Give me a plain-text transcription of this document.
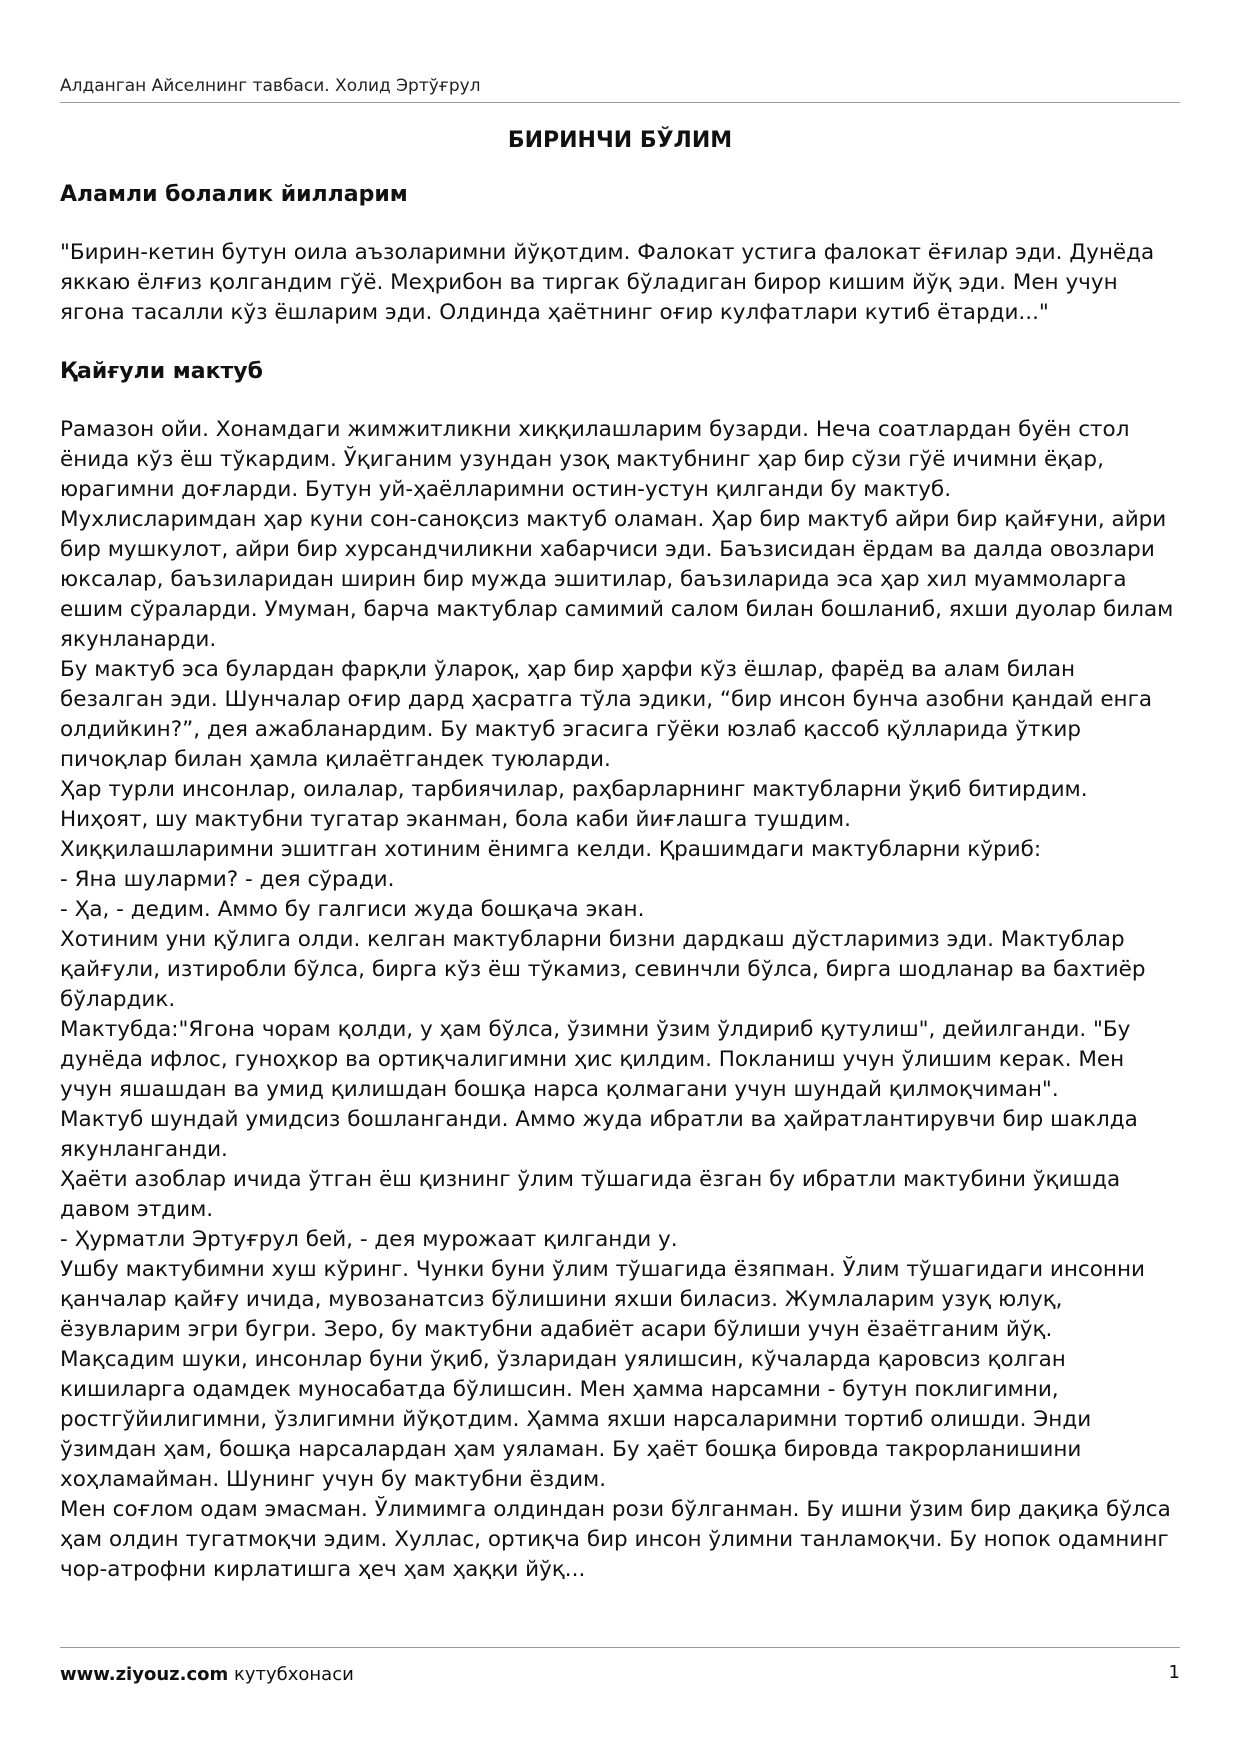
Алданган Айселнинг тавбаси. Холид Эртўғрул
БИРИНЧИ БЎЛИМ
Аламли болалик йилларим

"Бирин-кетин бутун оила аъзоларимни йўқотдим. Фалокат устига фалокат ёғилар эди. Дунёда яккаю ёлғиз қолгандим гўё. Меҳрибон ва тиргак бўладиган бирор кишим йўқ эди. Мен учун ягона тасалли кўз ёшларим эди. Олдинда ҳаётнинг оғир кулфатлари кутиб ётарди..."

Қайғули мактуб

Рамазон ойи. Хонамдаги жимжитликни хиққилашларим бузарди. Неча соатлардан буён стол ёнида кўз ёш тўкардим. Ўқиганим узундан узоқ мактубнинг ҳар бир сўзи гўё ичимни ёқар, юрагимни доғларди. Бутун уй-ҳаёлларимни остин-устун қилганди бу мактуб.

Мухлисларимдан ҳар куни сон-саноқсиз мактуб оламан. Ҳар бир мактуб айри бир қайғуни, айри бир мушкулот, айри бир хурсандчиликни хабарчиси эди. Баъзисидан ёрдам ва далда овозлари юксалар, баъзиларидан ширин бир мужда эшитилар, баъзиларида эса ҳар хил муаммоларга ешим сўраларди. Умуман, барча мактублар самимий салом билан бошланиб, яхши дуолар билам якунланарди.

Бу мактуб эса булардан фарқли ўлароқ, ҳар бир ҳарфи кўз ёшлар, фарёд ва алам билан безалган эди. Шунчалар оғир дард ҳасратга тўла эдики, “бир инсон бунча азобни қандай енга олдийкин?”, дея ажабланардим. Бу мактуб эгасига гўёки юзлаб қассоб қўлларида ўткир пичоқлар билан ҳамла қилаётгандек туюларди.

Ҳар турли инсонлар, оилалар, тарбиячилар, раҳбарларнинг мактубларни ўқиб битирдим.

Ниҳоят, шу мактубни тугатар эканман, бола каби йиғлашга тушдим.

Хиққилашларимни эшитган хотиним ёнимга келди. Қрашимдаги мактубларни кўриб:

- Яна шуларми? - дея сўради.

- Ҳа, - дедим. Аммо бу галгиси жуда бошқача экан.

Хотиним уни қўлига олди. келган мактубларни бизни дардкаш дўстларимиз эди. Мактублар қайғули, изтиробли бўлса, бирга кўз ёш тўкамиз, севинчли бўлса, бирга шодланар ва бахтиёр бўлардик.

Мактубда:"Ягона чорам қолди, у ҳам бўлса, ўзимни ўзим ўлдириб қутулиш", дейилганди. "Бу дунёда ифлос, гуноҳкор ва ортиқчалигимни ҳис қилдим. Покланиш учун ўлишим керак. Мен учун яшашдан ва умид қилишдан бошқа нарса қолмагани учун шундай қилмоқчиман".

Мактуб шундай умидсиз бошланганди. Аммо жуда ибратли ва ҳайратлантирувчи бир шаклда якунланганди.

Ҳаёти азоблар ичида ўтган ёш қизнинг ўлим тўшагида ёзган бу ибратли мактубини ўқишда давом этдим.

- Ҳурматли Эртуғрул бей, - дея мурожаат қилганди у.

Ушбу мактубимни хуш кўринг. Чунки буни ўлим тўшагида ёзяпман. Ўлим тўшагидаги инсонни қанчалар қайғу ичида, мувозанатсиз бўлишини яхши биласиз. Жумлаларим узуқ юлуқ, ёзувларим эгри бугри. Зеро, бу мактубни адабиёт асари бўлиши учун ёзаётганим йўқ.

Мақсадим шуки, инсонлар буни ўқиб, ўзларидан уялишсин, кўчаларда қаровсиз қолган кишиларга одамдек муносабатда бўлишсин. Мен ҳамма нарсамни - бутун поклигимни, ростгўйилигимни, ўзлигимни йўқотдим. Ҳамма яхши нарсаларимни тортиб олишди. Энди ўзимдан ҳам, бошқа нарсалардан ҳам уяламан. Бу ҳаёт бошқа бировда такрорланишини хоҳламайман. Шунинг учун бу мактубни ёздим.

Мен соғлом одам эмасман. Ўлимимга олдиндан рози бўлганман. Бу ишни ўзим бир дақиқа бўлса ҳам олдин тугатмоқчи эдим. Хуллас, ортиқча бир инсон ўлимни танламоқчи. Бу нопок одамнинг чор-атрофни кирлатишга ҳеч ҳам ҳаққи йўқ...

www.ziyouz.com кутубхонаси	1
